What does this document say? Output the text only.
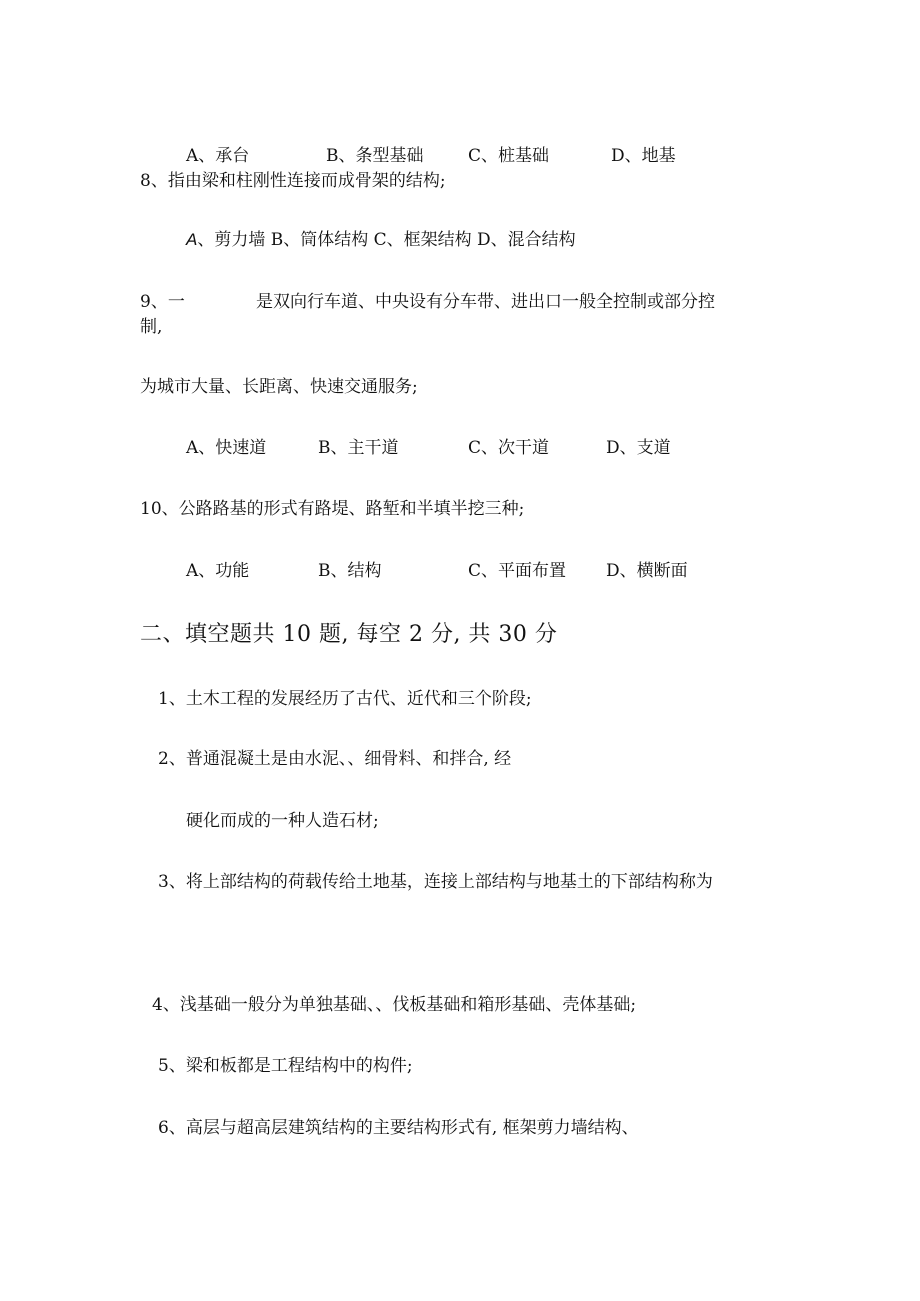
A、承台	B、条型基础	C、桩基础	D、地基
8、指由梁和柱刚性连接而成骨架的结构;
A、剪力墙 B、筒体结构 C、框架结构 D、混合结构
9、一	是双向行车道、中央设有分车带、进出口一般全控制或部分控
制,
为城市大量、长距离、快速交通服务;
A、快速道	B、主干道	C、次干道	D、支道
10、公路路基的形式有路堤、路堑和半填半挖三种;
A、功能	B、结构	C、平面布置 D、横断面
二、填空题共 10 题, 每空 2 分, 共 30 分
1、土木工程的发展经历了古代、近代和三个阶段;
2、普通混凝土是由水泥、、细骨料、和拌合, 经
硬化而成的一种人造石材;
3、将上部结构的荷载传给土地基，连接上部结构与地基土的下部结构称为
4、浅基础一般分为单独基础、、伐板基础和箱形基础、壳体基础;
5、梁和板都是工程结构中的构件;
6、高层与超高层建筑结构的主要结构形式有, 框架剪力墙结构、
